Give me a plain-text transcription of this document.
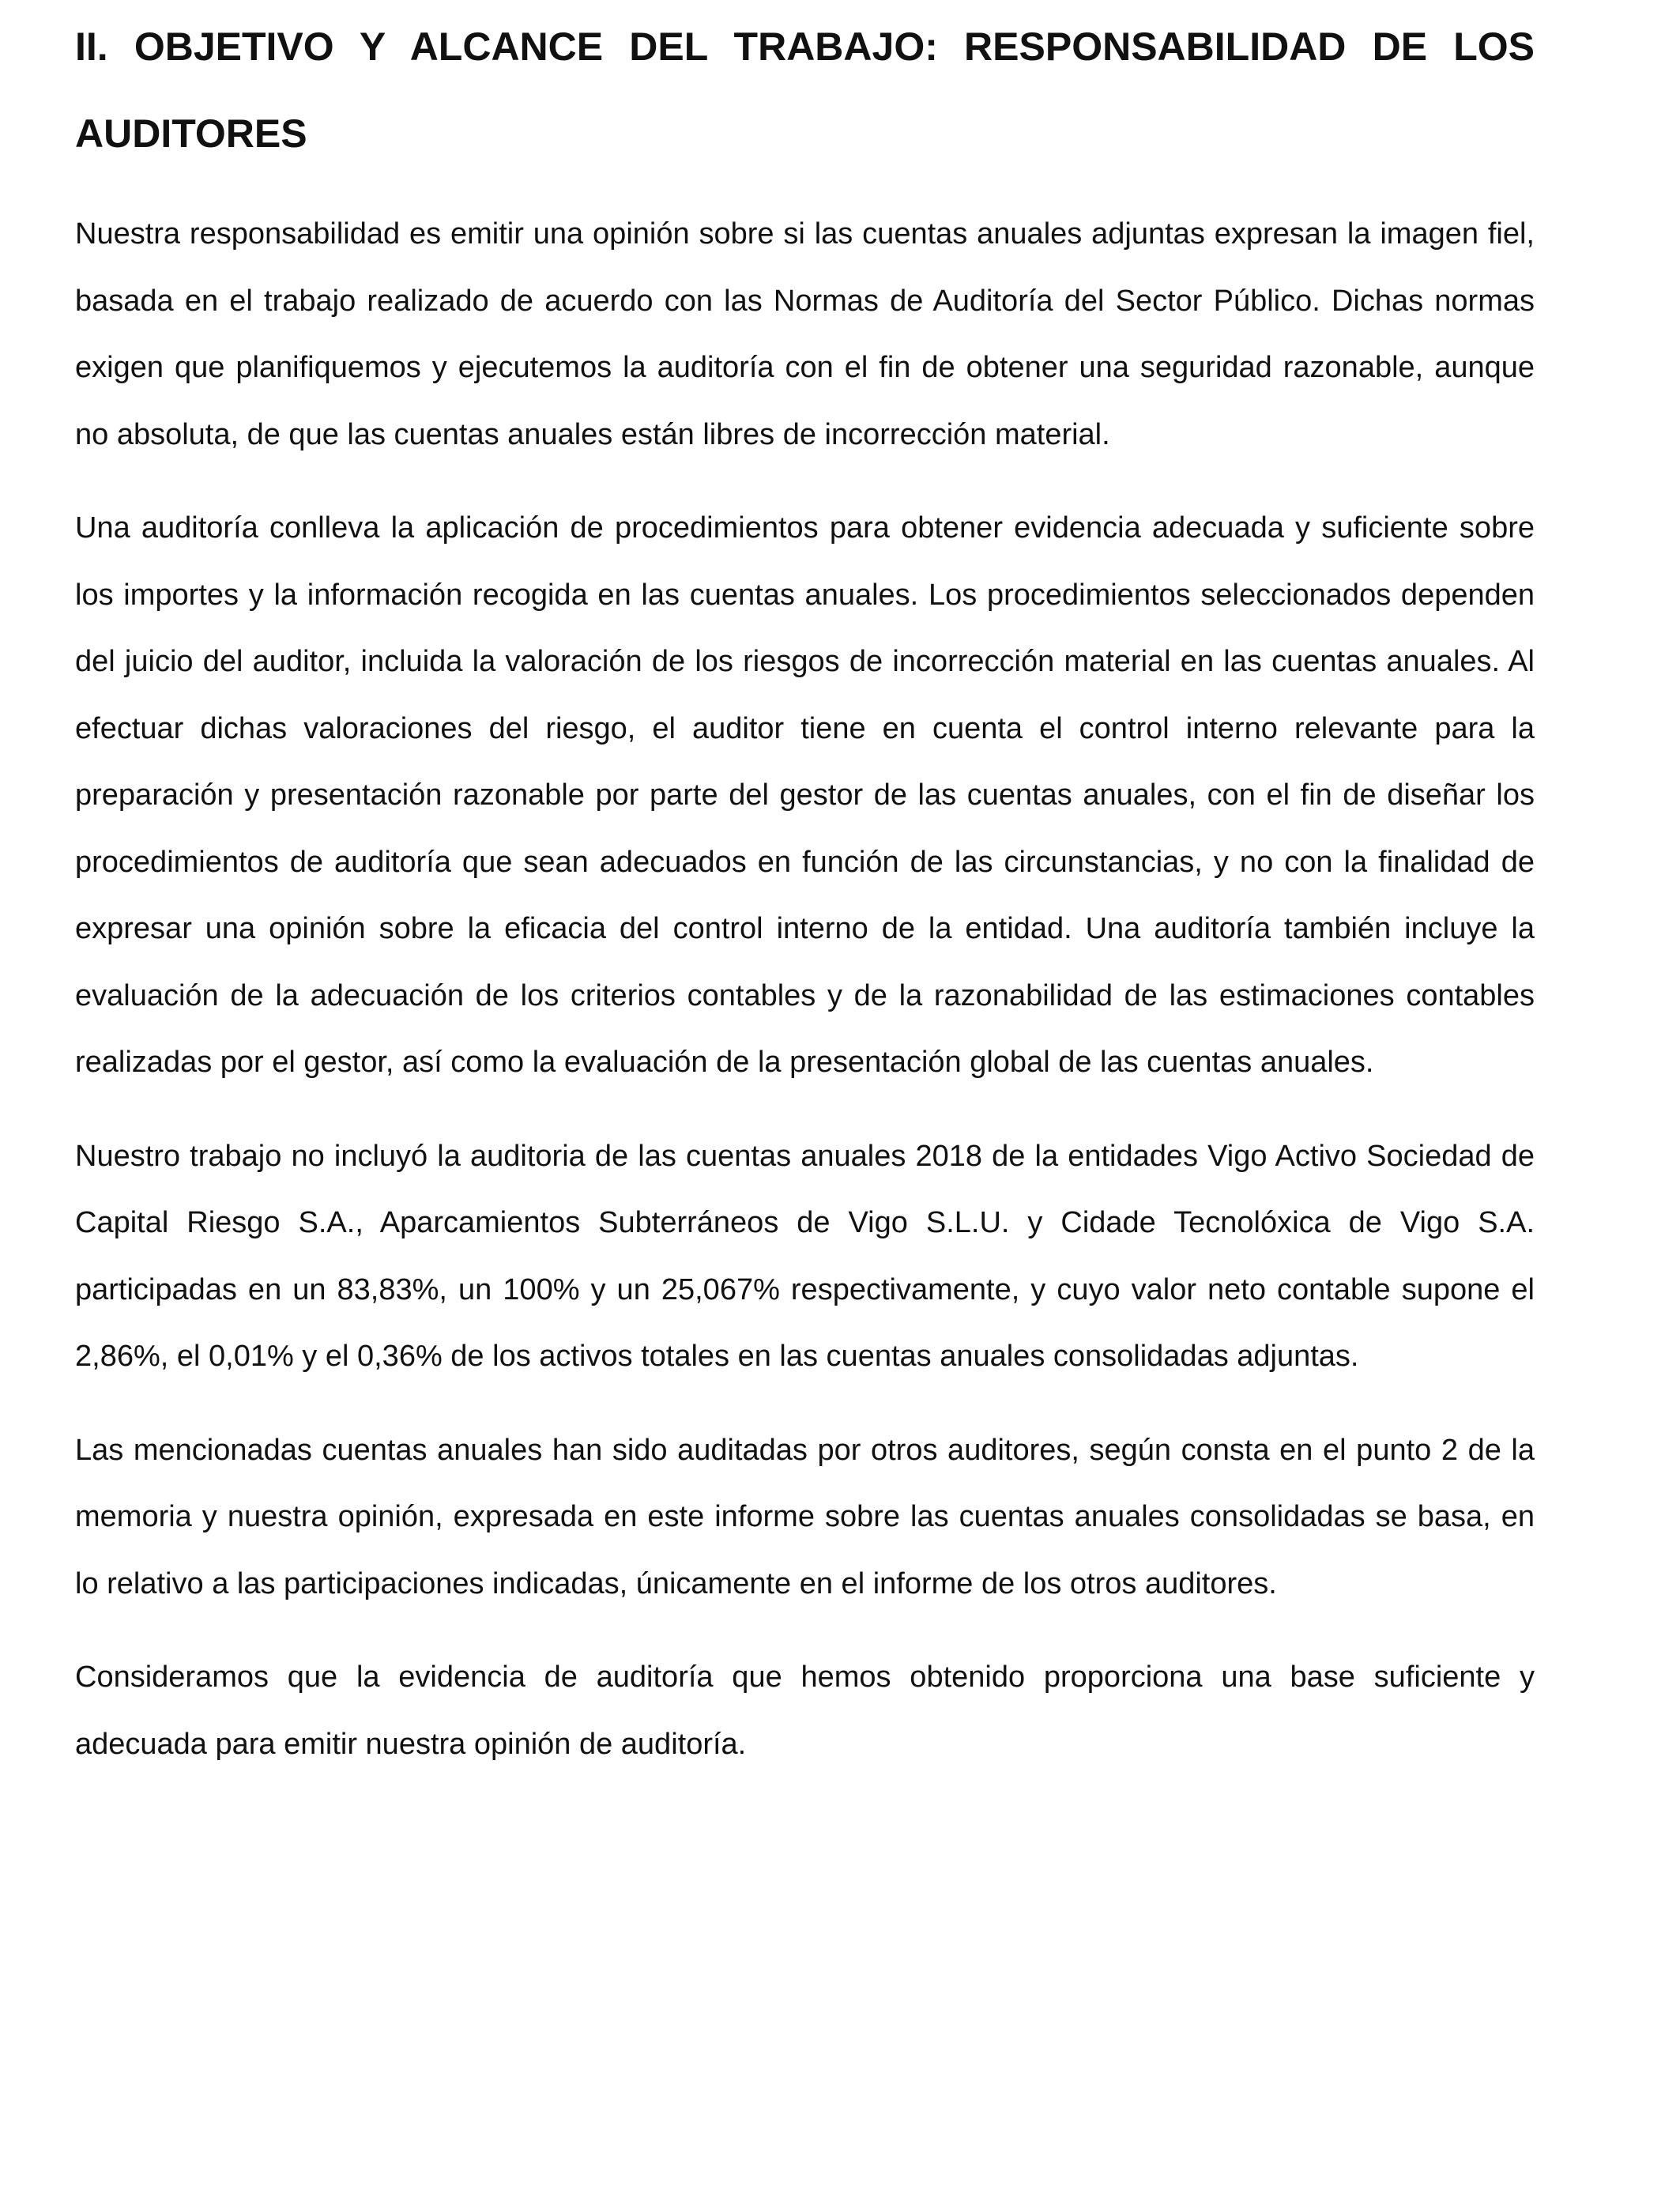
II. OBJETIVO Y ALCANCE DEL TRABAJO: RESPONSABILIDAD DE LOS AUDITORES

Nuestra responsabilidad es emitir una opinión sobre si las cuentas anuales adjuntas expresan la imagen fiel, basada en el trabajo realizado de acuerdo con las Normas de Auditoría del Sector Público. Dichas normas exigen que planifiquemos y ejecutemos la auditoría con el fin de obtener una seguridad razonable, aunque no absoluta, de que las cuentas anuales están libres de incorrección material.

Una auditoría conlleva la aplicación de procedimientos para obtener evidencia adecuada y suficiente sobre los importes y la información recogida en las cuentas anuales. Los procedimientos seleccionados dependen del juicio del auditor, incluida la valoración de los riesgos de incorrección material en las cuentas anuales. Al efectuar dichas valoraciones del riesgo, el auditor tiene en cuenta el control interno relevante para la preparación y presentación razonable por parte del gestor de las cuentas anuales, con el fin de diseñar los procedimientos de auditoría que sean adecuados en función de las circunstancias, y no con la finalidad de expresar una opinión sobre la eficacia del control interno de la entidad. Una auditoría también incluye la evaluación de la adecuación de los criterios contables y de la razonabilidad de las estimaciones contables realizadas por el gestor, así como la evaluación de la presentación global de las cuentas anuales.

Nuestro trabajo no incluyó la auditoria de las cuentas anuales 2018 de la entidades Vigo Activo Sociedad de Capital Riesgo S.A., Aparcamientos Subterráneos de Vigo S.L.U. y Cidade Tecnolóxica de Vigo S.A. participadas en un 83,83%, un 100% y un 25,067% respectivamente, y cuyo valor neto contable supone el 2,86%, el 0,01% y el 0,36% de los activos totales en las cuentas anuales consolidadas adjuntas.

Las mencionadas cuentas anuales han sido auditadas por otros auditores, según consta en el punto 2 de la memoria y nuestra opinión, expresada en este informe sobre las cuentas anuales consolidadas se basa, en lo relativo a las participaciones indicadas, únicamente en el informe de los otros auditores.

Consideramos que la evidencia de auditoría que hemos obtenido proporciona una base suficiente y adecuada para emitir nuestra opinión de auditoría.
